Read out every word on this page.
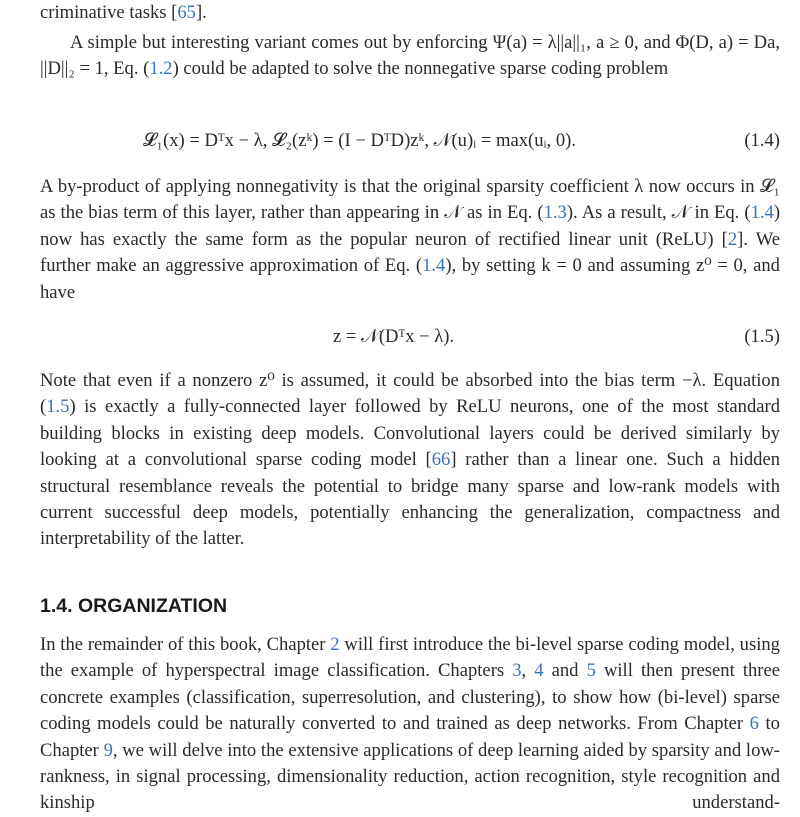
criminative tasks [65].

A simple but interesting variant comes out by enforcing Ψ(a) = λ||a||₁, a ≥ 0, and Φ(D, a) = Da, ||D||₂ = 1, Eq. (1.2) could be adapted to solve the nonnegative sparse coding problem

𝓛₁(x) = Dᵀx − λ, 𝓛₂(zᵏ) = (I − DᵀD)zᵏ, 𝒩(u)ᵢ = max(uᵢ, 0).	(1.4)

A by-product of applying nonnegativity is that the original sparsity coefficient λ now occurs in 𝓛₁ as the bias term of this layer, rather than appearing in 𝒩 as in Eq. (1.3). As a result, 𝒩 in Eq. (1.4) now has exactly the same form as the popular neuron of rectified linear unit (ReLU) [2]. We further make an aggressive approximation of Eq. (1.4), by setting k = 0 and assuming z⁰ = 0, and have

z = 𝒩(Dᵀx − λ).	(1.5)

Note that even if a nonzero z⁰ is assumed, it could be absorbed into the bias term −λ. Equation (1.5) is exactly a fully-connected layer followed by ReLU neurons, one of the most standard building blocks in existing deep models. Convolutional layers could be derived similarly by looking at a convolutional sparse coding model [66] rather than a linear one. Such a hidden structural resemblance reveals the potential to bridge many sparse and low-rank models with current successful deep models, potentially enhancing the generalization, compactness and interpretability of the latter.

1.4. ORGANIZATION

In the remainder of this book, Chapter 2 will first introduce the bi-level sparse coding model, using the example of hyperspectral image classification. Chapters 3, 4 and 5 will then present three concrete examples (classification, superresolution, and clustering), to show how (bi-level) sparse coding models could be naturally converted to and trained as deep networks. From Chapter 6 to Chapter 9, we will delve into the extensive applications of deep learning aided by sparsity and low-rankness, in signal processing, dimensionality reduction, action recognition, style recognition and kinship understand-
